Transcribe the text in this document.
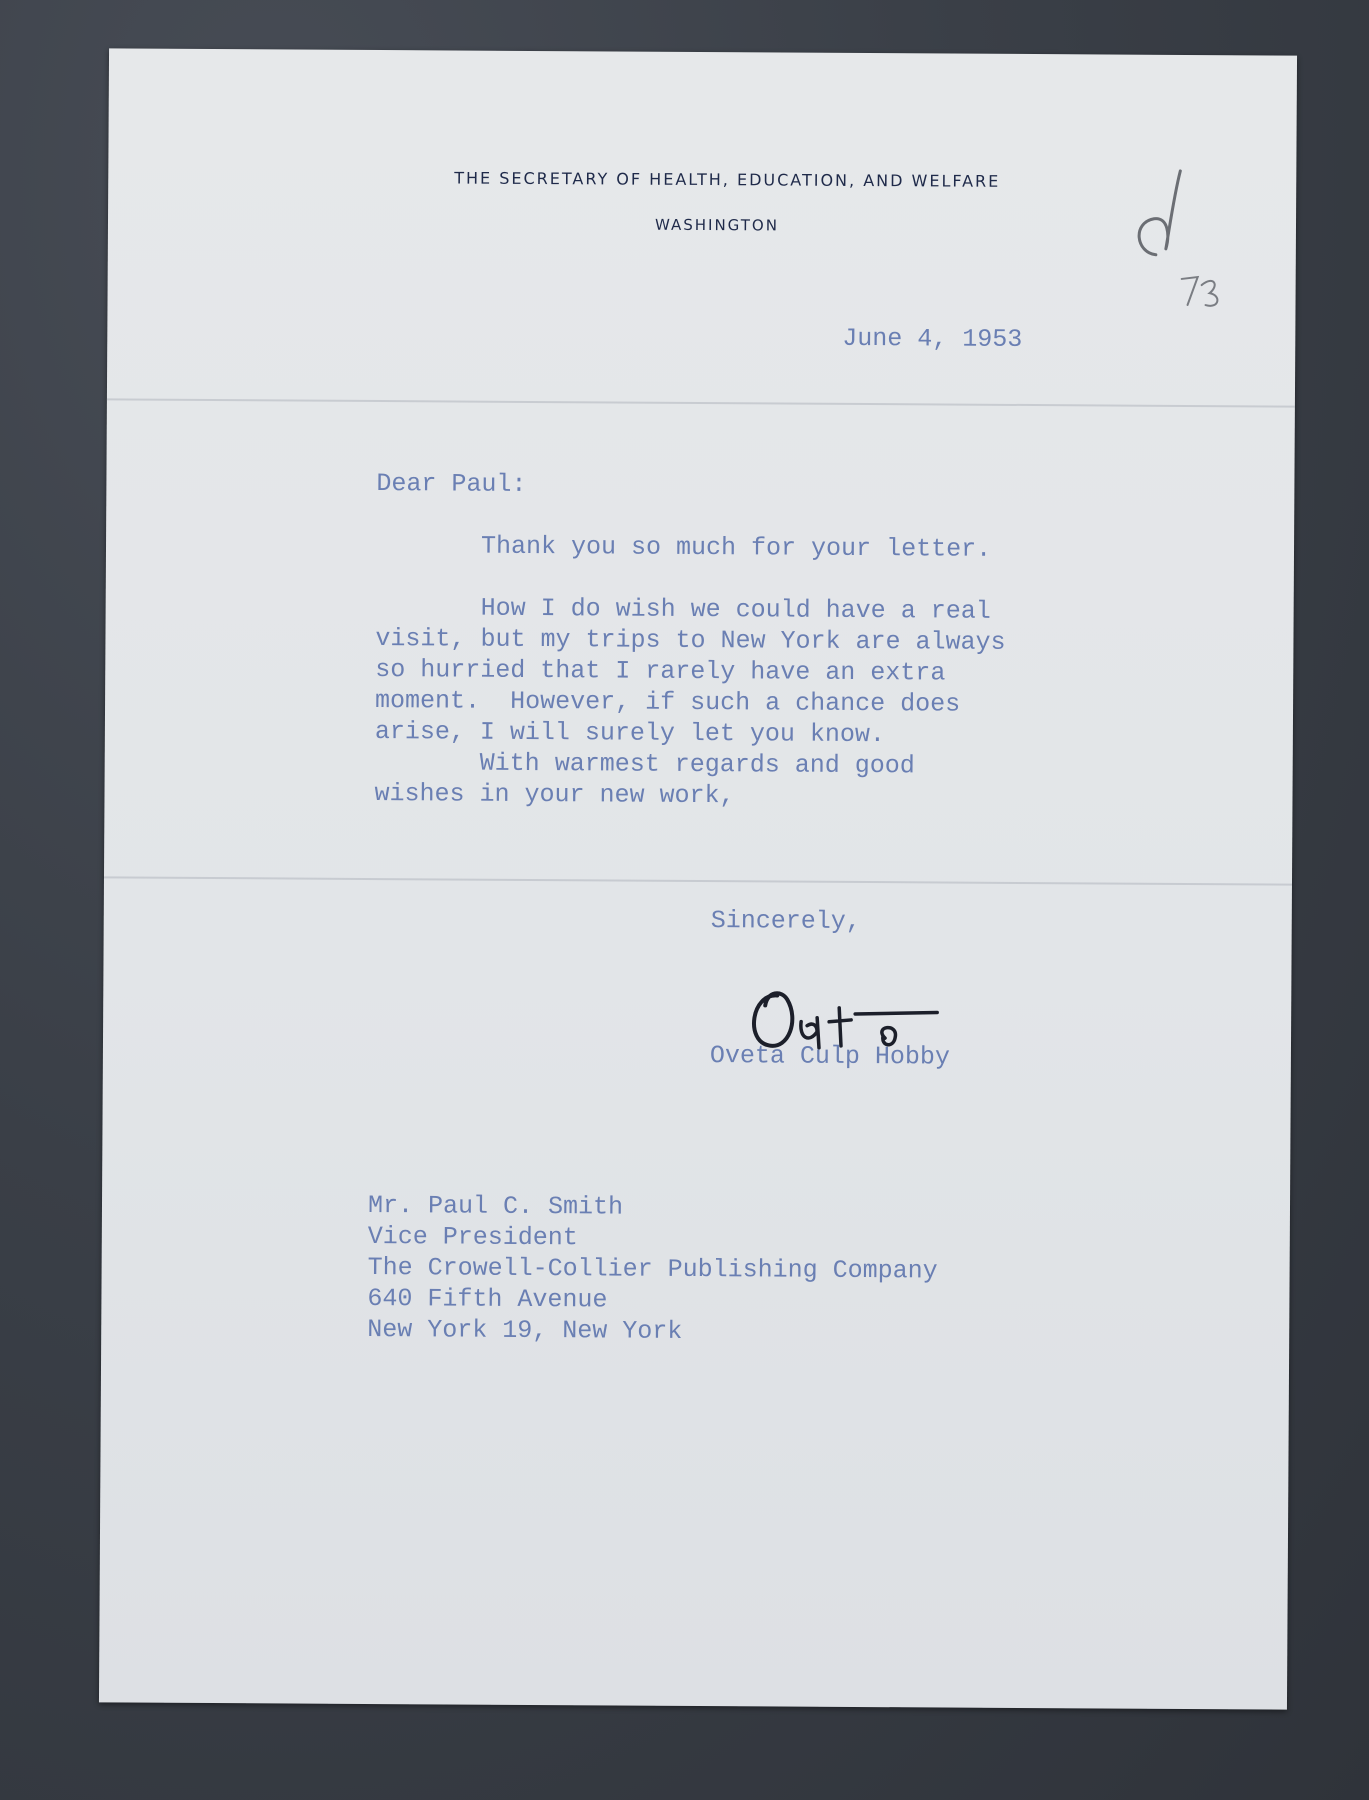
THE SECRETARY OF HEALTH, EDUCATION, AND WELFARE
WASHINGTON
June 4, 1953
Dear Paul:
Thank you so much for your letter.
How I do wish we could have a real
visit, but my trips to New York are always
so hurried that I rarely have an extra
moment.  However, if such a chance does
arise, I will surely let you know.
With warmest regards and good
wishes in your new work,
Sincerely,
Oveta Culp Hobby
Mr. Paul C. Smith
Vice President
The Crowell-Collier Publishing Company
640 Fifth Avenue
New York 19, New York
